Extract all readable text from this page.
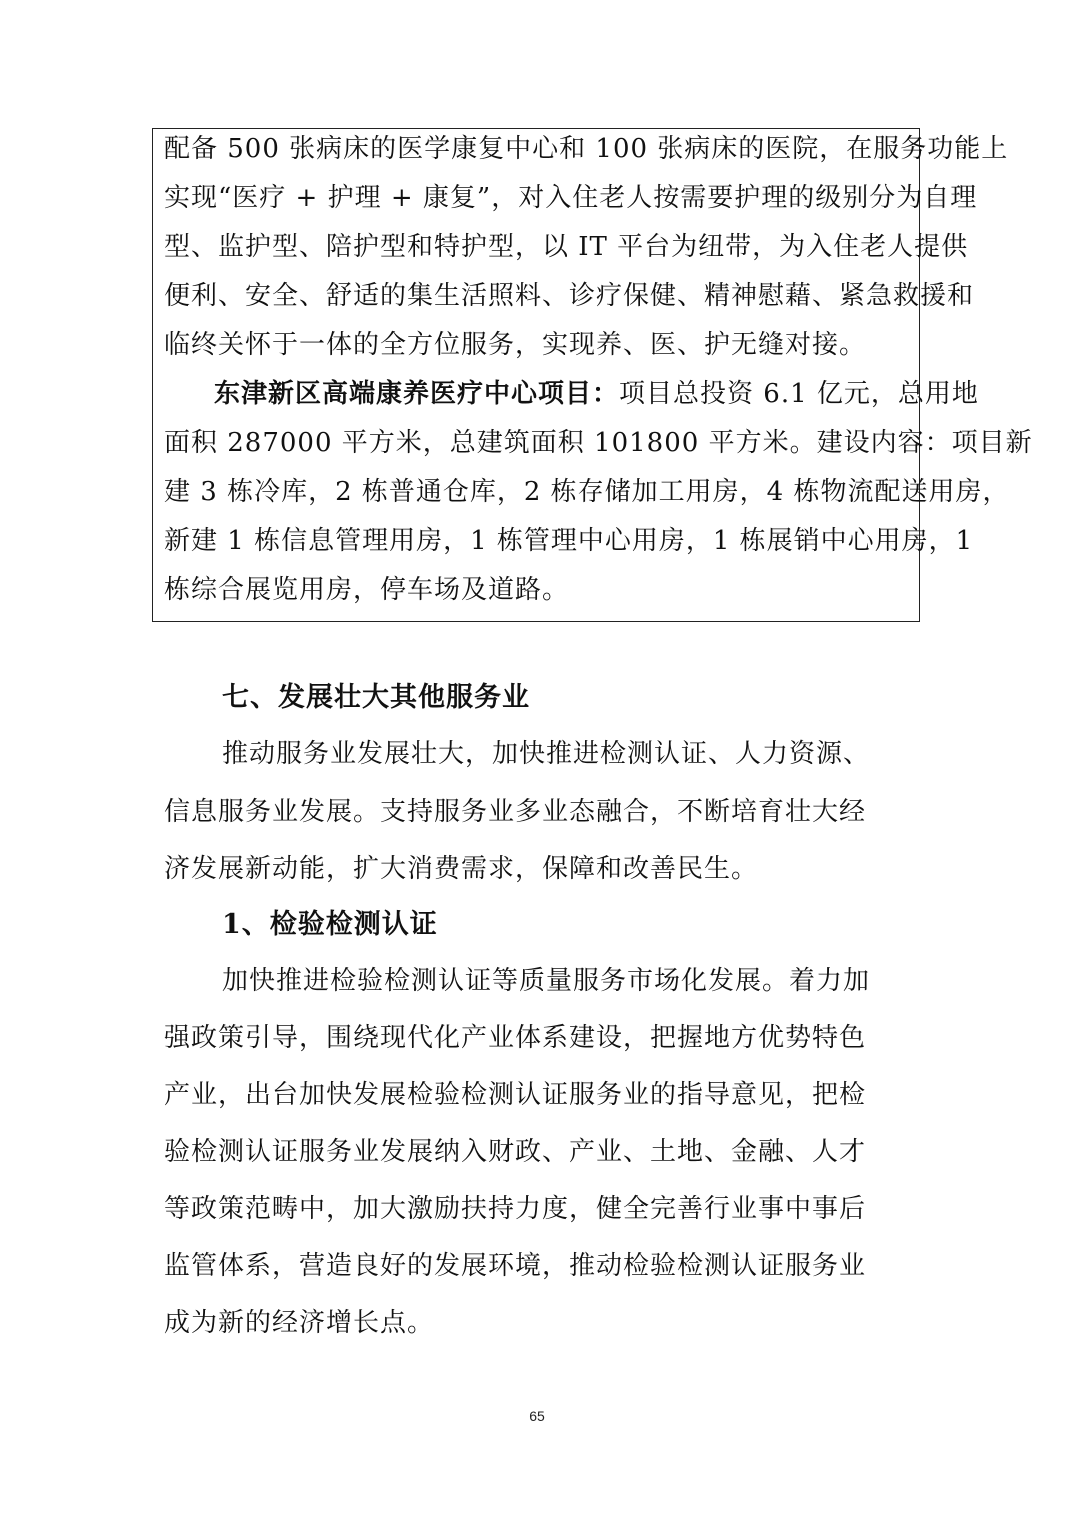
配备 500 张病床的医学康复中心和 100 张病床的医院，在服务功能上
实现“医疗 + 护理 + 康复”，对入住老人按需要护理的级别分为自理
型、监护型、陪护型和特护型，以 IT 平台为纽带，为入住老人提供
便利、安全、舒适的集生活照料、诊疗保健、精神慰藉、紧急救援和
临终关怀于一体的全方位服务，实现养、医、护无缝对接。
东津新区高端康养医疗中心项目：项目总投资 6.1 亿元，总用地
面积 287000 平方米，总建筑面积 101800 平方米。建设内容：项目新
建 3 栋冷库，2 栋普通仓库，2 栋存储加工用房，4 栋物流配送用房，
新建 1 栋信息管理用房，1 栋管理中心用房，1 栋展销中心用房，1
栋综合展览用房，停车场及道路。
七、发展壮大其他服务业
推动服务业发展壮大，加快推进检测认证、人力资源、
信息服务业发展。支持服务业多业态融合，不断培育壮大经
济发展新动能，扩大消费需求，保障和改善民生。
1、检验检测认证
加快推进检验检测认证等质量服务市场化发展。着力加
强政策引导，围绕现代化产业体系建设，把握地方优势特色
产业，出台加快发展检验检测认证服务业的指导意见，把检
验检测认证服务业发展纳入财政、产业、土地、金融、人才
等政策范畴中，加大激励扶持力度，健全完善行业事中事后
监管体系，营造良好的发展环境，推动检验检测认证服务业
成为新的经济增长点。
65
